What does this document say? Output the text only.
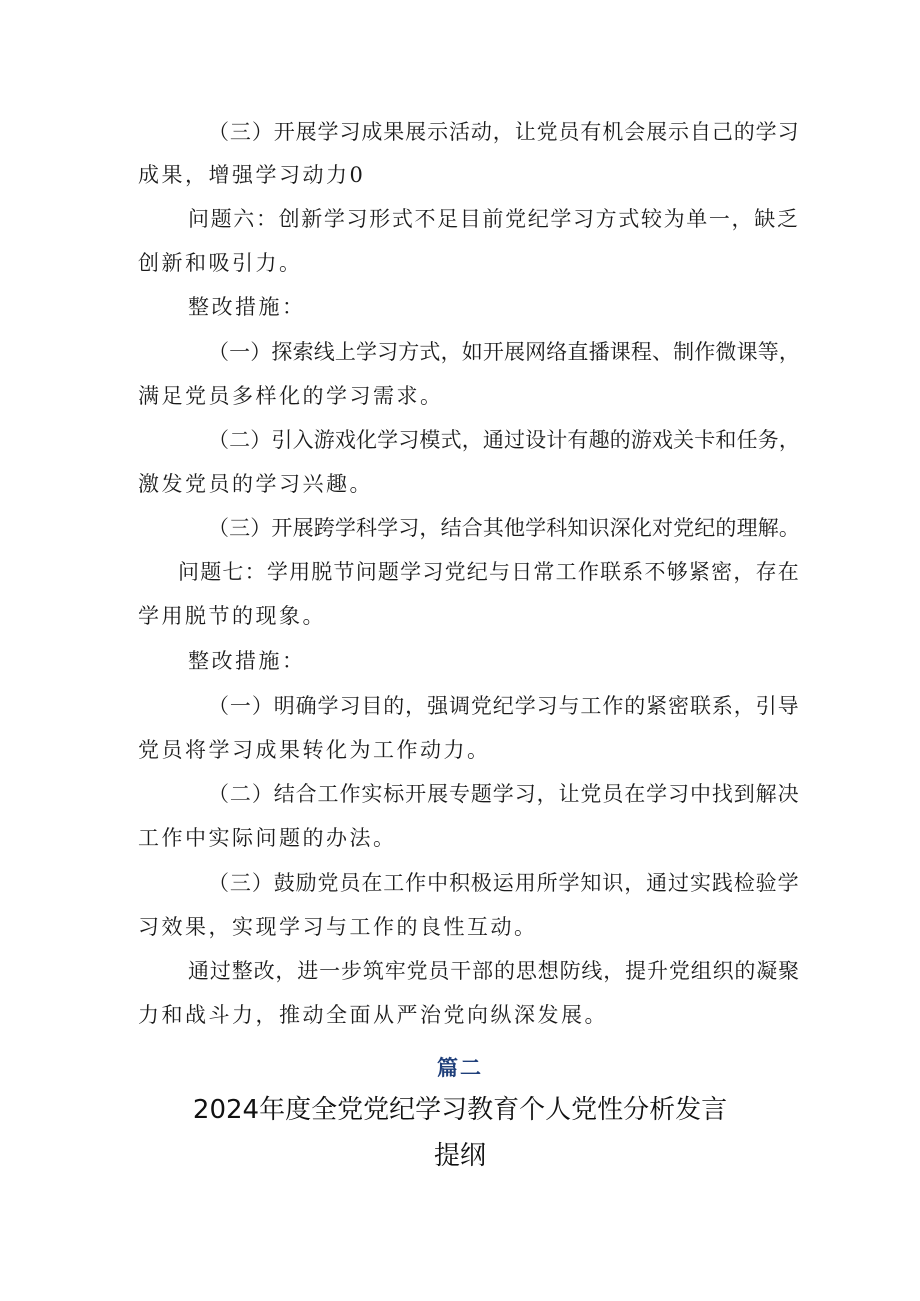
（三）开展学习成果展示活动，让党员有机会展示自己的学习
成果，增强学习动力0
问题六：创新学习形式不足目前党纪学习方式较为单一，缺乏
创新和吸引力。
整改措施：
（一）探索线上学习方式，如开展网络直播课程、制作微课等，
满足党员多样化的学习需求。
（二）引入游戏化学习模式，通过设计有趣的游戏关卡和任务，
激发党员的学习兴趣。
（三）开展跨学科学习，结合其他学科知识深化对党纪的理解。
问题七：学用脱节问题学习党纪与日常工作联系不够紧密，存在
学用脱节的现象。
整改措施：
（一）明确学习目的，强调党纪学习与工作的紧密联系，引导
党员将学习成果转化为工作动力。
（二）结合工作实标开展专题学习，让党员在学习中找到解决
工作中实际问题的办法。
（三）鼓励党员在工作中积极运用所学知识，通过实践检验学
习效果，实现学习与工作的良性互动。
通过整改，进一步筑牢党员干部的思想防线，提升党组织的凝聚
力和战斗力，推动全面从严治党向纵深发展。
篇二
2024年度全党党纪学习教育个人党性分析发言
提纲
